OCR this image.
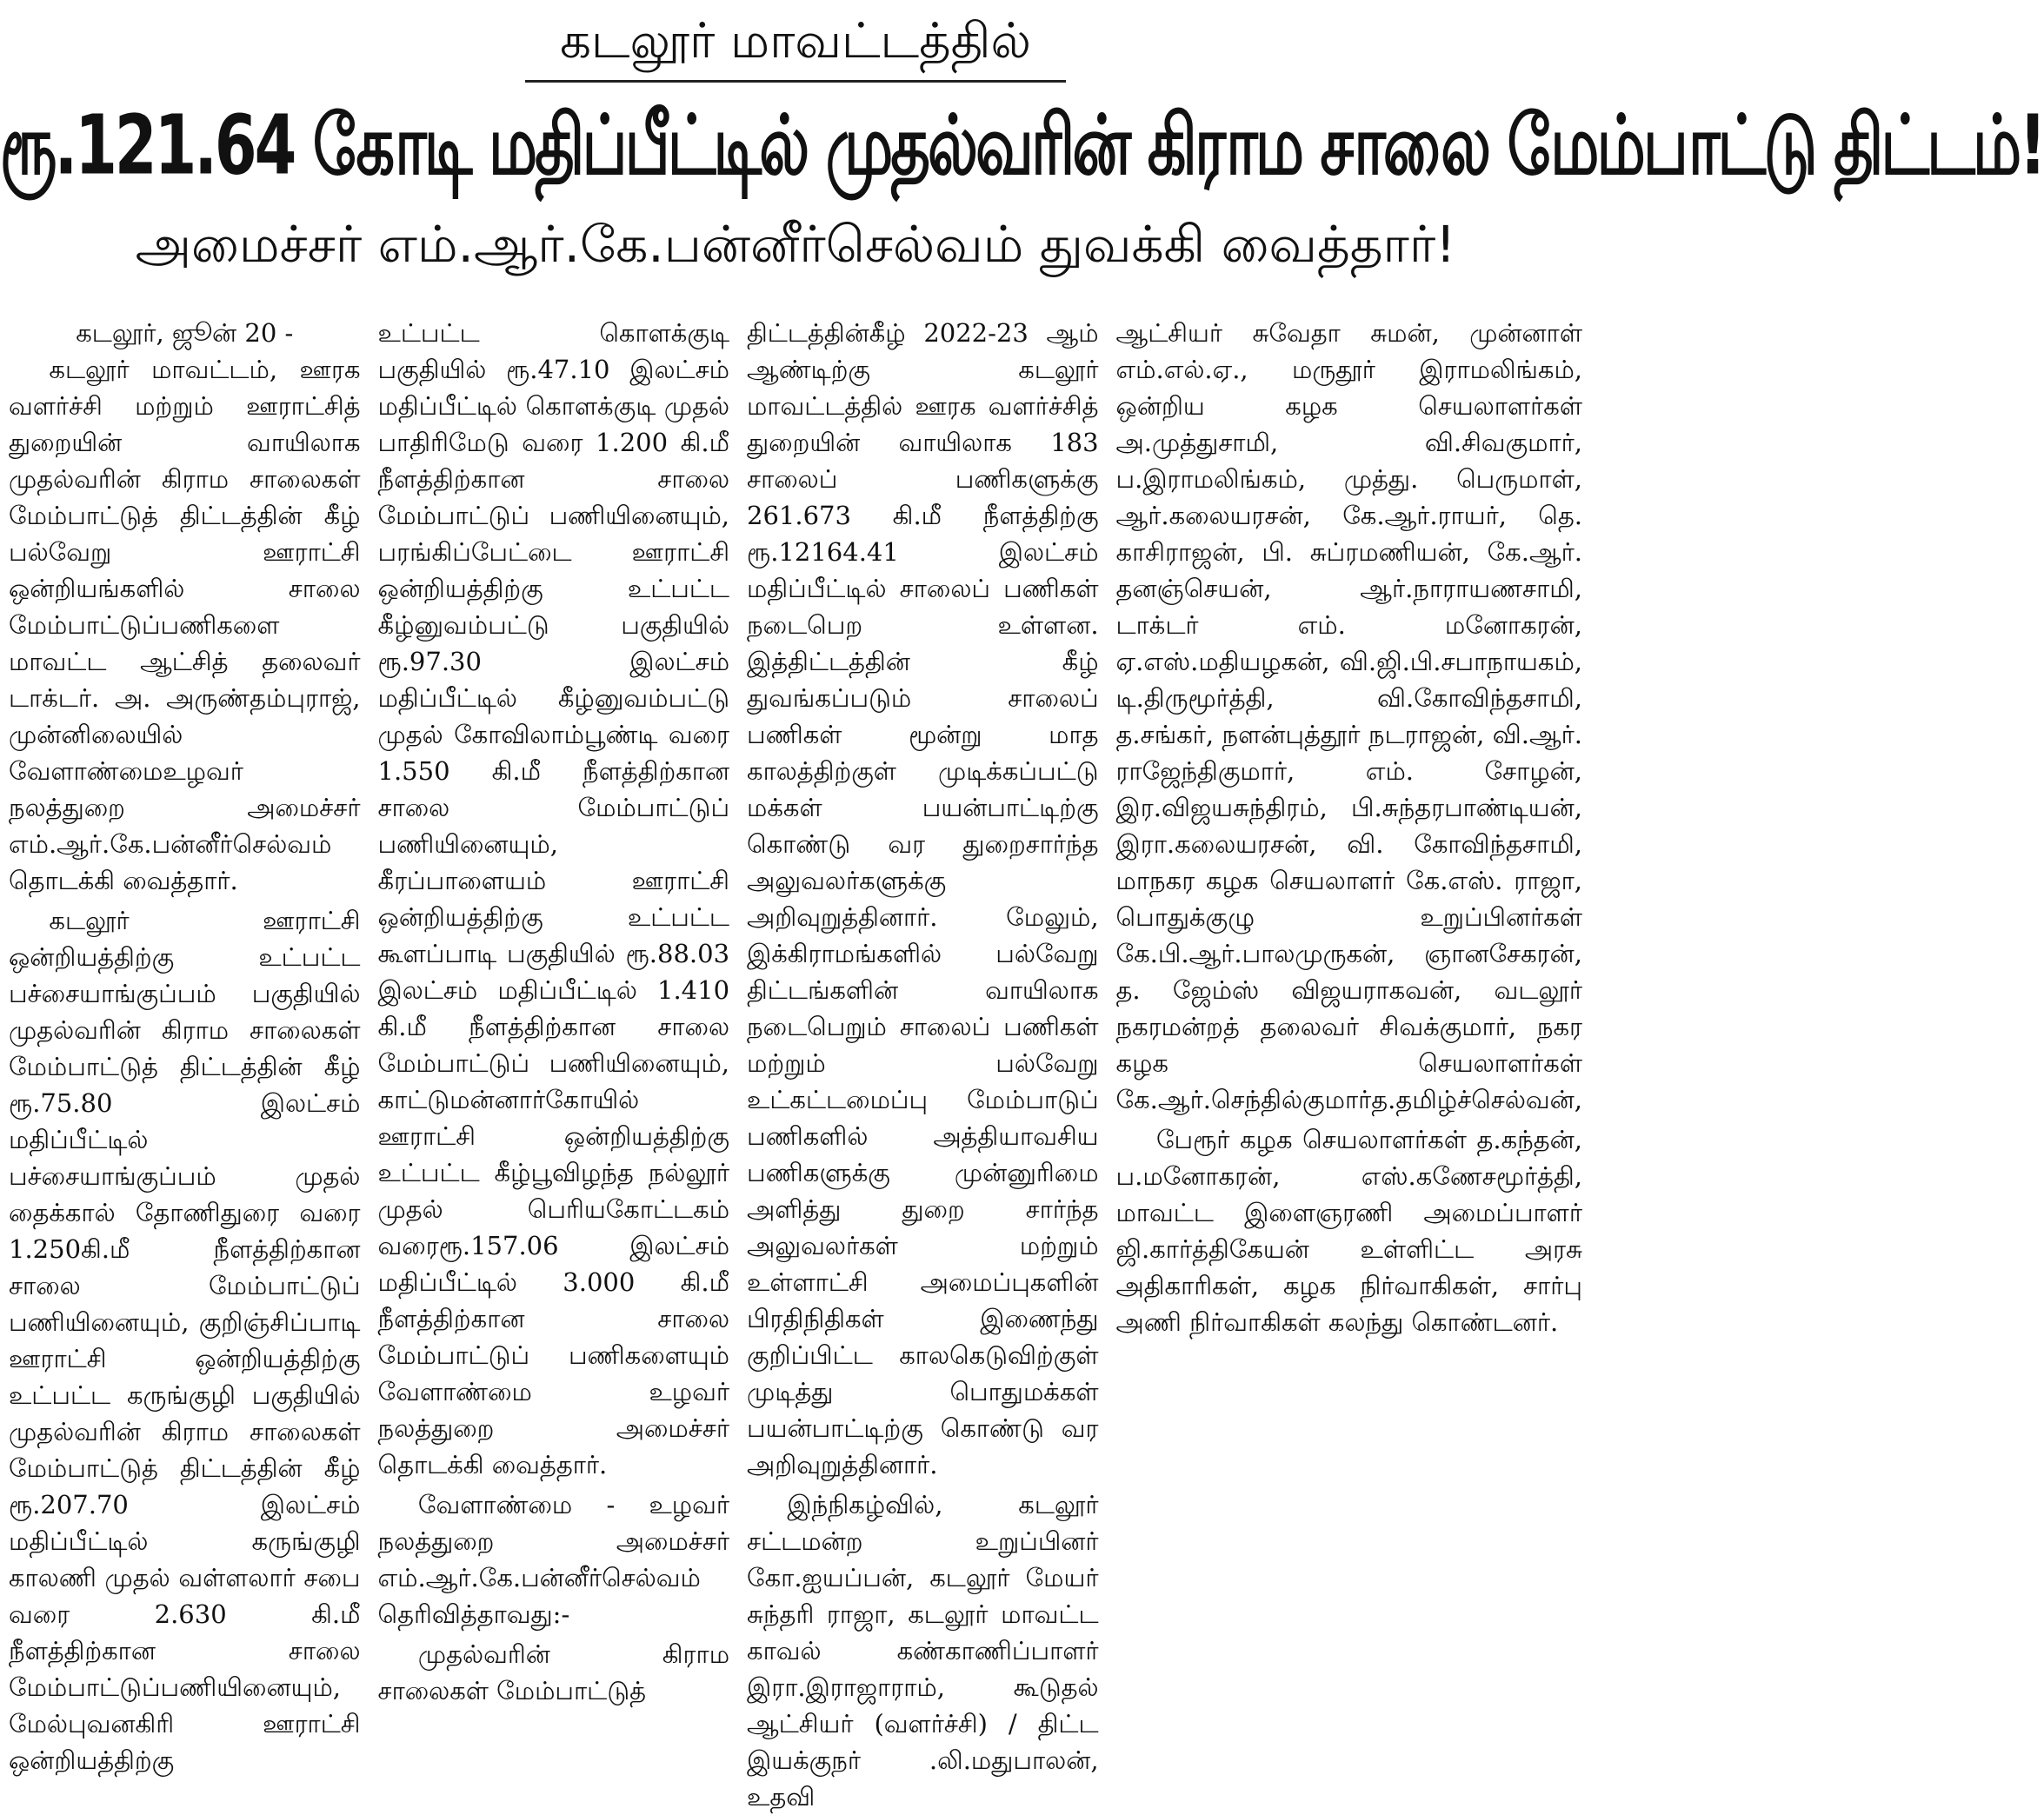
கடலூர் மாவட்டத்தில்
ரூ.121.64 கோடி மதிப்பீட்டில் முதல்வரின் கிராம சாலை மேம்பாட்டு திட்டம்!
அமைச்சர் எம்.ஆர்.கே.பன்னீர்செல்வம் துவக்கி வைத்தார்!
கடலூர், ஜூன் 20 -

கடலூர் மாவட்டம், ஊரக வளர்ச்சி மற்றும் ஊராட்சித் துறையின் வாயிலாக முதல்வரின் கிராம சாலைகள் மேம்பாட்டுத் திட்டத்தின் கீழ் பல்வேறு ஊராட்சி ஒன்றியங்களில் சாலை மேம்பாட்டுப்பணிகளை மாவட்ட ஆட்சித் தலைவர் டாக்டர். அ. அருண்தம்புராஜ், முன்னிலையில் வேளாண்மைஉழவர் நலத்துறை அமைச்சர் எம்.ஆர்.கே.பன்னீர்செல்வம் தொடக்கி வைத்தார்.

கடலூர் ஊராட்சி ஒன்றியத்திற்கு உட்பட்ட பச்சையாங்குப்பம் பகுதியில் முதல்வரின் கிராம சாலைகள் மேம்பாட்டுத் திட்டத்தின் கீழ் ரூ.75.80 இலட்சம் மதிப்பீட்டில் பச்சையாங்குப்பம் முதல் தைக்கால் தோணிதுரை வரை 1.250கி.மீ நீளத்திற்கான சாலை மேம்பாட்டுப் பணியினையும், குறிஞ்சிப்பாடி ஊராட்சி ஒன்றியத்திற்கு உட்பட்ட கருங்குழி பகுதியில் முதல்வரின் கிராம சாலைகள் மேம்பாட்டுத் திட்டத்தின் கீழ் ரூ.207.70 இலட்சம் மதிப்பீட்டில் கருங்குழி காலணி முதல் வள்ளலார் சபை வரை 2.630 கி.மீ நீளத்திற்கான சாலை மேம்பாட்டுப்பணியினையும், மேல்புவனகிரி ஊராட்சி ஒன்றியத்திற்கு

உட்பட்ட கொளக்குடி பகுதியில் ரூ.47.10 இலட்சம் மதிப்பீட்டில் கொளக்குடி முதல் பாதிரிமேடு வரை 1.200 கி.மீ நீளத்திற்கான சாலை மேம்பாட்டுப் பணியினையும், பரங்கிப்பேட்டை ஊராட்சி ஒன்றியத்திற்கு உட்பட்ட கீழ்னுவம்பட்டு பகுதியில் ரூ.97.30 இலட்சம் மதிப்பீட்டில் கீழ்னுவம்பட்டு முதல் கோவிலாம்பூண்டி வரை 1.550 கி.மீ நீளத்திற்கான சாலை மேம்பாட்டுப் பணியினையும், கீரப்பாளையம் ஊராட்சி ஒன்றியத்திற்கு உட்பட்ட கூளப்பாடி பகுதியில் ரூ.88.03 இலட்சம் மதிப்பீட்டில் 1.410 கி.மீ நீளத்திற்கான சாலை மேம்பாட்டுப் பணியினையும், காட்டுமன்னார்கோயில் ஊராட்சி ஒன்றியத்திற்கு உட்பட்ட கீழ்பூவிழந்த நல்லூர் முதல் பெரியகோட்டகம் வரைரூ.157.06 இலட்சம் மதிப்பீட்டில் 3.000 கி.மீ நீளத்திற்கான சாலை மேம்பாட்டுப் பணிகளையும் வேளாண்மை உழவர் நலத்துறை அமைச்சர் தொடக்கி வைத்தார்.

வேளாண்மை - உழவர் நலத்துறை அமைச்சர் எம்.ஆர்.கே.பன்னீர்செல்வம் தெரிவித்தாவது:-

முதல்வரின் கிராம சாலைகள் மேம்பாட்டுத்

திட்டத்தின்கீழ் 2022-23 ஆம் ஆண்டிற்கு கடலூர் மாவட்டத்தில் ஊரக வளர்ச்சித் துறையின் வாயிலாக 183 சாலைப் பணிகளுக்கு 261.673 கி.மீ நீளத்திற்கு ரூ.12164.41 இலட்சம் மதிப்பீட்டில் சாலைப் பணிகள் நடைபெற உள்ளன. இத்திட்டத்தின் கீழ் துவங்கப்படும் சாலைப் பணிகள் மூன்று மாத காலத்திற்குள் முடிக்கப்பட்டு மக்கள் பயன்பாட்டிற்கு கொண்டு வர துறைசார்ந்த அலுவலர்களுக்கு அறிவுறுத்தினார். மேலும், இக்கிராமங்களில் பல்வேறு திட்டங்களின் வாயிலாக நடைபெறும் சாலைப் பணிகள் மற்றும் பல்வேறு உட்கட்டமைப்பு மேம்பாடுப் பணிகளில் அத்தியாவசிய பணிகளுக்கு முன்னுரிமை அளித்து துறை சார்ந்த அலுவலர்கள் மற்றும் உள்ளாட்சி அமைப்புகளின் பிரதிநிதிகள் இணைந்து குறிப்பிட்ட காலகெடுவிற்குள் முடித்து பொதுமக்கள் பயன்பாட்டிற்கு கொண்டு வர அறிவுறுத்தினார்.

இந்நிகழ்வில், கடலூர் சட்டமன்ற உறுப்பினர் கோ.ஐயப்பன், கடலூர் மேயர் சுந்தரி ராஜா, கடலூர் மாவட்ட காவல் கண்காணிப்பாளர் இரா.இராஜாராம், கூடுதல் ஆட்சியர் (வளர்ச்சி) / திட்ட இயக்குநர் .லி.மதுபாலன், உதவி

ஆட்சியர் சுவேதா சுமன், முன்னாள் எம்.எல்.ஏ., மருதூர் இராமலிங்கம், ஒன்றிய கழக செயலாளர்கள் அ.முத்துசாமி, வி.சிவகுமார், ப.இராமலிங்கம், முத்து. பெருமாள், ஆர்.கலையரசன், கே.ஆர்.ராயர், தெ. காசிராஜன், பி. சுப்ரமணியன், கே.ஆர். தனஞ்செயன், ஆர்.நாராயணசாமி, டாக்டர் எம். மனோகரன், ஏ.எஸ்.மதியழகன், வி.ஜி.பி.சபாநாயகம், டி.திருமூர்த்தி, வி.கோவிந்தசாமி, த.சங்கர், நளன்புத்தூர் நடராஜன், வி.ஆர். ராஜேந்திகுமார், எம். சோழன், இர.விஜயசுந்திரம், பி.சுந்தரபாண்டியன், இரா.கலையரசன், வி. கோவிந்தசாமி, மாநகர கழக செயலாளர் கே.எஸ். ராஜா, பொதுக்குழு உறுப்பினர்கள் கே.பி.ஆர்.பாலமுருகன், ஞானசேகரன், த. ஜேம்ஸ் விஜயராகவன், வடலூர் நகரமன்றத் தலைவர் சிவக்குமார், நகர கழக செயலாளர்கள் கே.ஆர்.செந்தில்குமார்த.தமிழ்ச்செல்வன்,

பேரூர் கழக செயலாளர்கள் த.கந்தன், ப.மனோகரன், எஸ்.கணேசமூர்த்தி, மாவட்ட இளைஞரணி அமைப்பாளர் ஜி.கார்த்திகேயன் உள்ளிட்ட அரசு அதிகாரிகள், கழக நிர்வாகிகள், சார்பு அணி நிர்வாகிகள் கலந்து கொண்டனர்.
